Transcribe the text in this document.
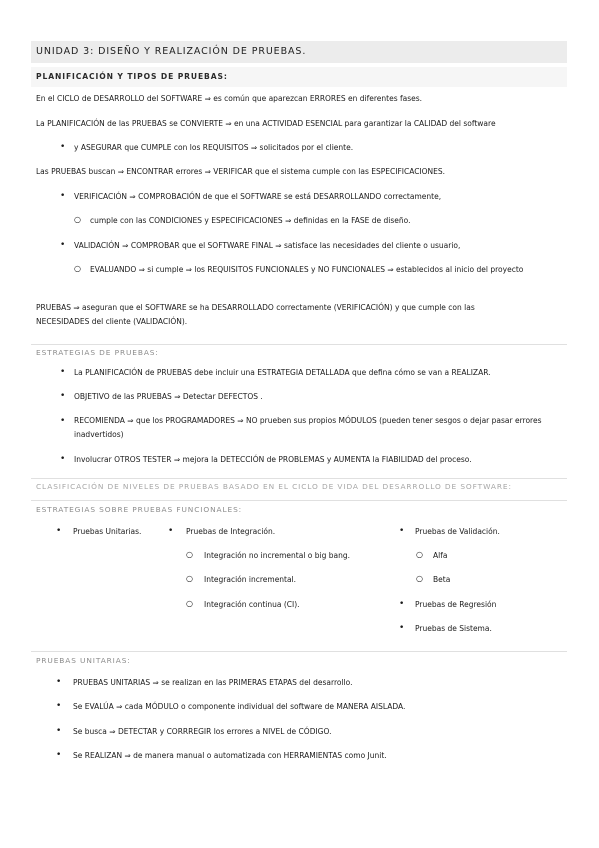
UNIDAD 3: DISEÑO Y REALIZACIÓN DE PRUEBAS.
PLANIFICACIÓN Y TIPOS DE PRUEBAS:
En el CICLO de DESARROLLO del SOFTWARE ⇒ es común que aparezcan ERRORES en diferentes fases.
La PLANIFICACIÓN de las PRUEBAS se CONVIERTE ⇒ en una ACTIVIDAD ESENCIAL para garantizar la CALIDAD del software
• y ASEGURAR que CUMPLE con los REQUISITOS ⇒ solicitados por el cliente.
Las PRUEBAS buscan ⇒ ENCONTRAR errores ⇒ VERIFICAR que el sistema cumple con las ESPECIFICACIONES.
• VERIFICACIÓN ⇒ COMPROBACIÓN de que el SOFTWARE se está DESARROLLANDO correctamente,
○ cumple con las CONDICIONES y ESPECIFICACIONES ⇒ definidas en la FASE de diseño.
• VALIDACIÓN ⇒ COMPROBAR que el SOFTWARE FINAL ⇒ satisface las necesidades del cliente o usuario,
○ EVALUANDO ⇒ si cumple ⇒ los REQUISITOS FUNCIONALES y NO FUNCIONALES ⇒ establecidos al inicio del proyecto
PRUEBAS ⇒ aseguran que el SOFTWARE se ha DESARROLLADO correctamente (VERIFICACIÓN) y que cumple con las NECESIDADES del cliente (VALIDACIÓN).
ESTRATEGIAS DE PRUEBAS:
• La PLANIFICACIÓN de PRUEBAS debe incluir una ESTRATEGIA DETALLADA que defina cómo se van a REALIZAR.
• OBJETIVO de las PRUEBAS ⇒ Detectar DEFECTOS .
• RECOMIENDA ⇒ que los PROGRAMADORES ⇒ NO prueben sus propios MÓDULOS (pueden tener sesgos o dejar pasar errores inadvertidos)
• Involucrar OTROS TESTER ⇒ mejora la DETECCIÓN de PROBLEMAS y AUMENTA la FIABILIDAD del proceso.
CLASIFICACIÓN DE NIVELES DE PRUEBAS BASADO EN EL CICLO DE VIDA DEL DESARROLLO DE SOFTWARE:
ESTRATEGIAS SOBRE PRUEBAS FUNCIONALES:
• Pruebas Unitarias.	• Pruebas de Integración.
○ Integración no incremental o big bang.
○ Integración incremental.
○ Integración continua (CI).
• Pruebas de Validación.
○ Alfa
○ Beta
• Pruebas de Regresión
• Pruebas de Sistema.
PRUEBAS UNITARIAS:
• PRUEBAS UNITARIAS ⇒ se realizan en las PRIMERAS ETAPAS del desarrollo.
• Se EVALÚA ⇒ cada MÓDULO o componente individual del software de MANERA AISLADA.
• Se busca ⇒ DETECTAR y CORRREGIR los errores a NIVEL de CÓDIGO.
• Se REALIZAN ⇒ de manera manual o automatizada con HERRAMIENTAS como Junit.
